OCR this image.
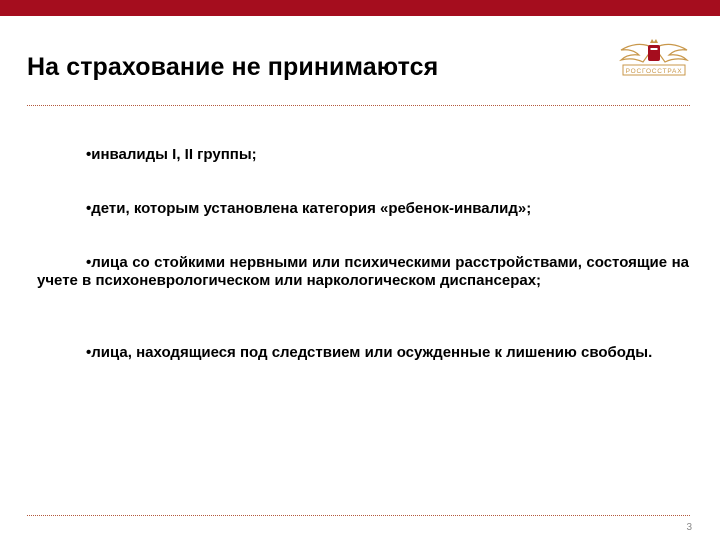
На страхование не принимаются	РОСГОССТРАХ

•инвалиды I, II группы;

•дети, которым установлена категория «ребенок-инвалид»;

•лица со стойкими нервными или психическими расстройствами, состоящие на учете в психоневрологическом или наркологическом диспансерах;

•лица, находящиеся под следствием или осужденные к лишению свободы.

3
